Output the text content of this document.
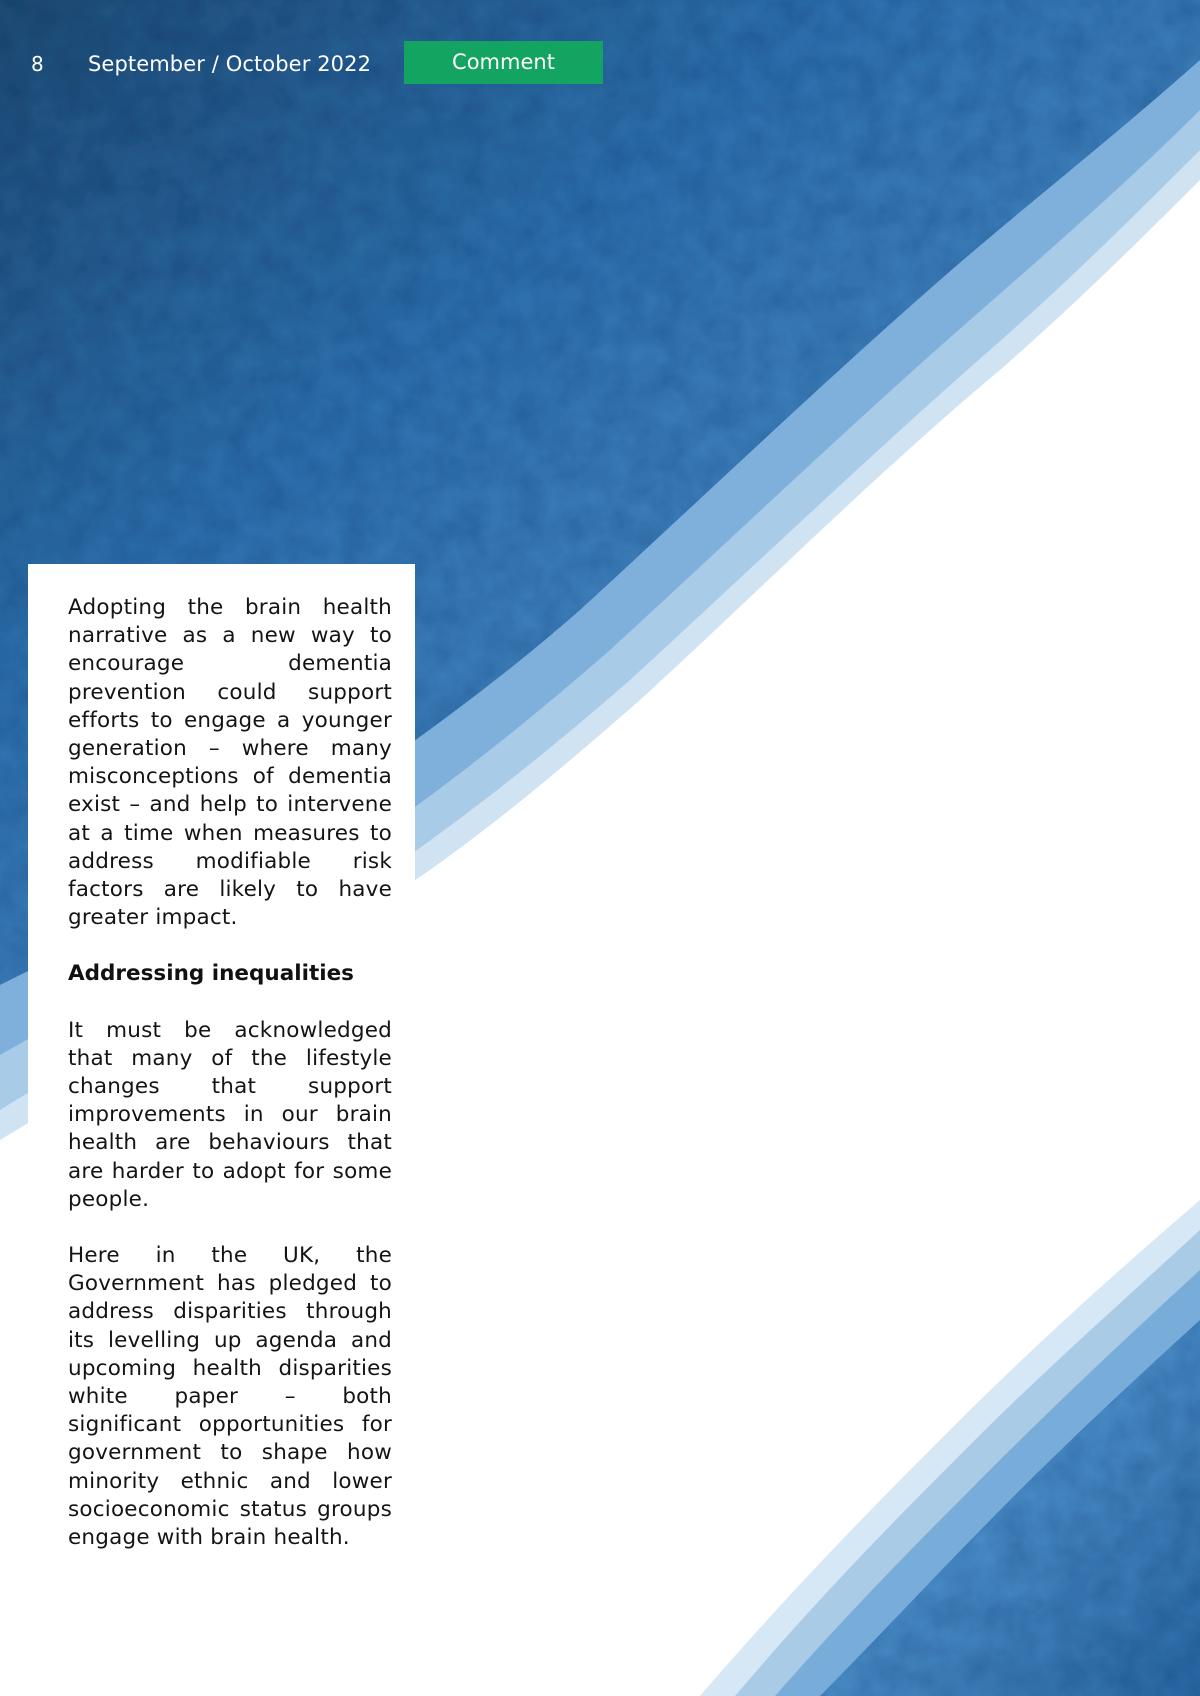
8 September / October 2022	Comment

Adopting the brain health narrative as a new way to encourage dementia prevention could support efforts to engage a younger generation – where many misconceptions of dementia exist – and help to intervene at a time when measures to address modifiable risk factors are likely to have greater impact.

Addressing inequalities

It must be acknowledged that many of the lifestyle changes that support improvements in our brain health are behaviours that are harder to adopt for some people.

Here in the UK, the Government has pledged to address disparities through its levelling up agenda and upcoming health disparities white paper – both significant opportunities for government to shape how minority ethnic and lower socioeconomic status groups engage with brain health.
